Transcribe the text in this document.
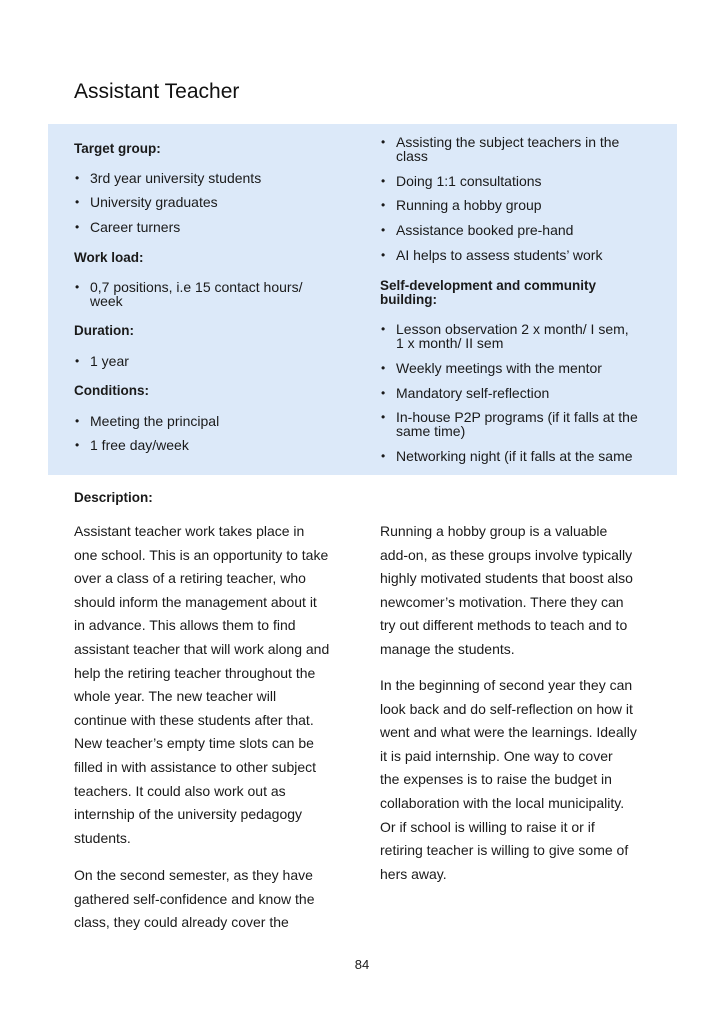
Assistant Teacher
Target group:
• 3rd year university students
• University graduates
• Career turners
Work load:
• 0,7 positions, i.e 15 contact hours/
week
Duration:
• 1 year
Conditions:
• Meeting the principal
• 1 free day/week
• Assisting the subject teachers in the
class
• Doing 1:1 consultations
• Running a hobby group
• Assistance booked pre-hand
• AI helps to assess students’ work
Self-development and community
building:
• Lesson observation 2 x month/ I sem,
1 x month/ II sem
• Weekly meetings with the mentor
• Mandatory self-reflection
• In-house P2P programs (if it falls at the
same time)
• Networking night (if it falls at the same
Description:

Assistant teacher work takes place in
one school. This is an opportunity to take
over a class of a retiring teacher, who
should inform the management about it
in advance. This allows them to find
assistant teacher that will work along and
help the retiring teacher throughout the
whole year. The new teacher will
continue with these students after that.
New teacher’s empty time slots can be
filled in with assistance to other subject
teachers. It could also work out as
internship of the university pedagogy
students.

On the second semester, as they have
gathered self-confidence and know the
class, they could already cover the

Running a hobby group is a valuable
add-on, as these groups involve typically
highly motivated students that boost also
newcomer’s motivation. There they can
try out different methods to teach and to
manage the students.

In the beginning of second year they can
look back and do self-reflection on how it
went and what were the learnings. Ideally
it is paid internship. One way to cover
the expenses is to raise the budget in
collaboration with the local municipality.
Or if school is willing to raise it or if
retiring teacher is willing to give some of
hers away.

84
